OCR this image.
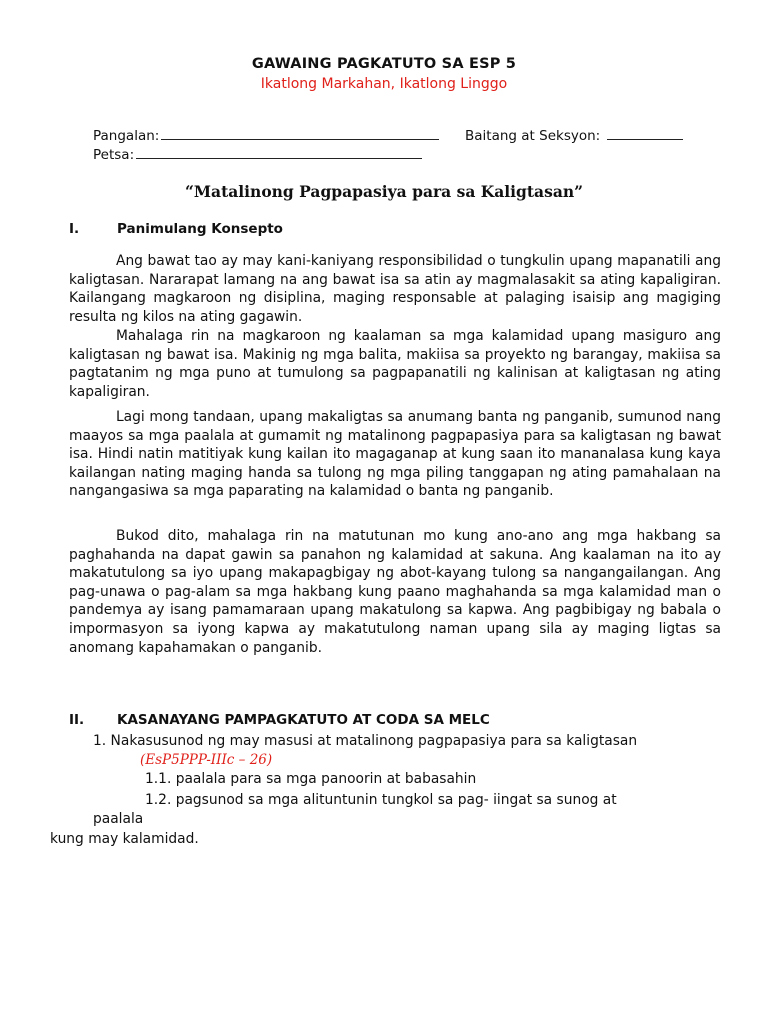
GAWAING PAGKATUTO SA ESP 5
Ikatlong Markahan, Ikatlong Linggo
Pangalan:	Baitang at Seksyon:
Petsa:
“Matalinong Pagpapasiya para sa Kaligtasan”
I.	Panimulang Konsepto

Ang bawat tao ay may kani-kaniyang responsibilidad o tungkulin upang mapanatili ang kaligtasan. Nararapat lamang na ang bawat isa sa atin ay magmalasakit sa ating kapaligiran. Kailangang magkaroon ng disiplina, maging responsable at palaging isaisip ang magiging resulta ng kilos na ating gagawin.

Mahalaga rin na magkaroon ng kaalaman sa mga kalamidad upang masiguro ang kaligtasan ng bawat isa. Makinig ng mga balita, makiisa sa proyekto ng barangay, makiisa sa pagtatanim ng mga puno at tumulong sa pagpapanatili ng kalinisan at kaligtasan ng ating kapaligiran.

Lagi mong tandaan, upang makaligtas sa anumang banta ng panganib, sumunod nang maayos sa mga paalala at gumamit ng matalinong pagpapasiya para sa kaligtasan ng bawat isa. Hindi natin matitiyak kung kailan ito magaganap at kung saan ito mananalasa kung kaya kailangan nating maging handa sa tulong ng mga piling tanggapan ng ating pamahalaan na nangangasiwa sa mga paparating na kalamidad o banta ng panganib.

Bukod dito, mahalaga rin na matutunan mo kung ano-ano ang mga hakbang sa paghahanda na dapat gawin sa panahon ng kalamidad at sakuna. Ang kaalaman na ito ay makatutulong sa iyo upang makapagbigay ng abot-kayang tulong sa nangangailangan. Ang pag-unawa o pag-alam sa mga hakbang kung paano maghahanda sa mga kalamidad man o pandemya ay isang pamamaraan upang makatulong sa kapwa. Ang pagbibigay ng babala o impormasyon sa iyong kapwa ay makatutulong naman upang sila ay maging ligtas sa anomang kapahamakan o panganib.

II. KASANAYANG PAMPAGKATUTO AT CODA SA MELC
1. Nakasusunod ng may masusi at matalinong pagpapasiya para sa kaligtasan
(EsP5PPP-IIIc – 26)
1.1. paalala para sa mga panoorin at babasahin
1.2. pagsunod sa mga alituntunin tungkol sa pag- iingat sa sunog at
paalala
kung may kalamidad.
